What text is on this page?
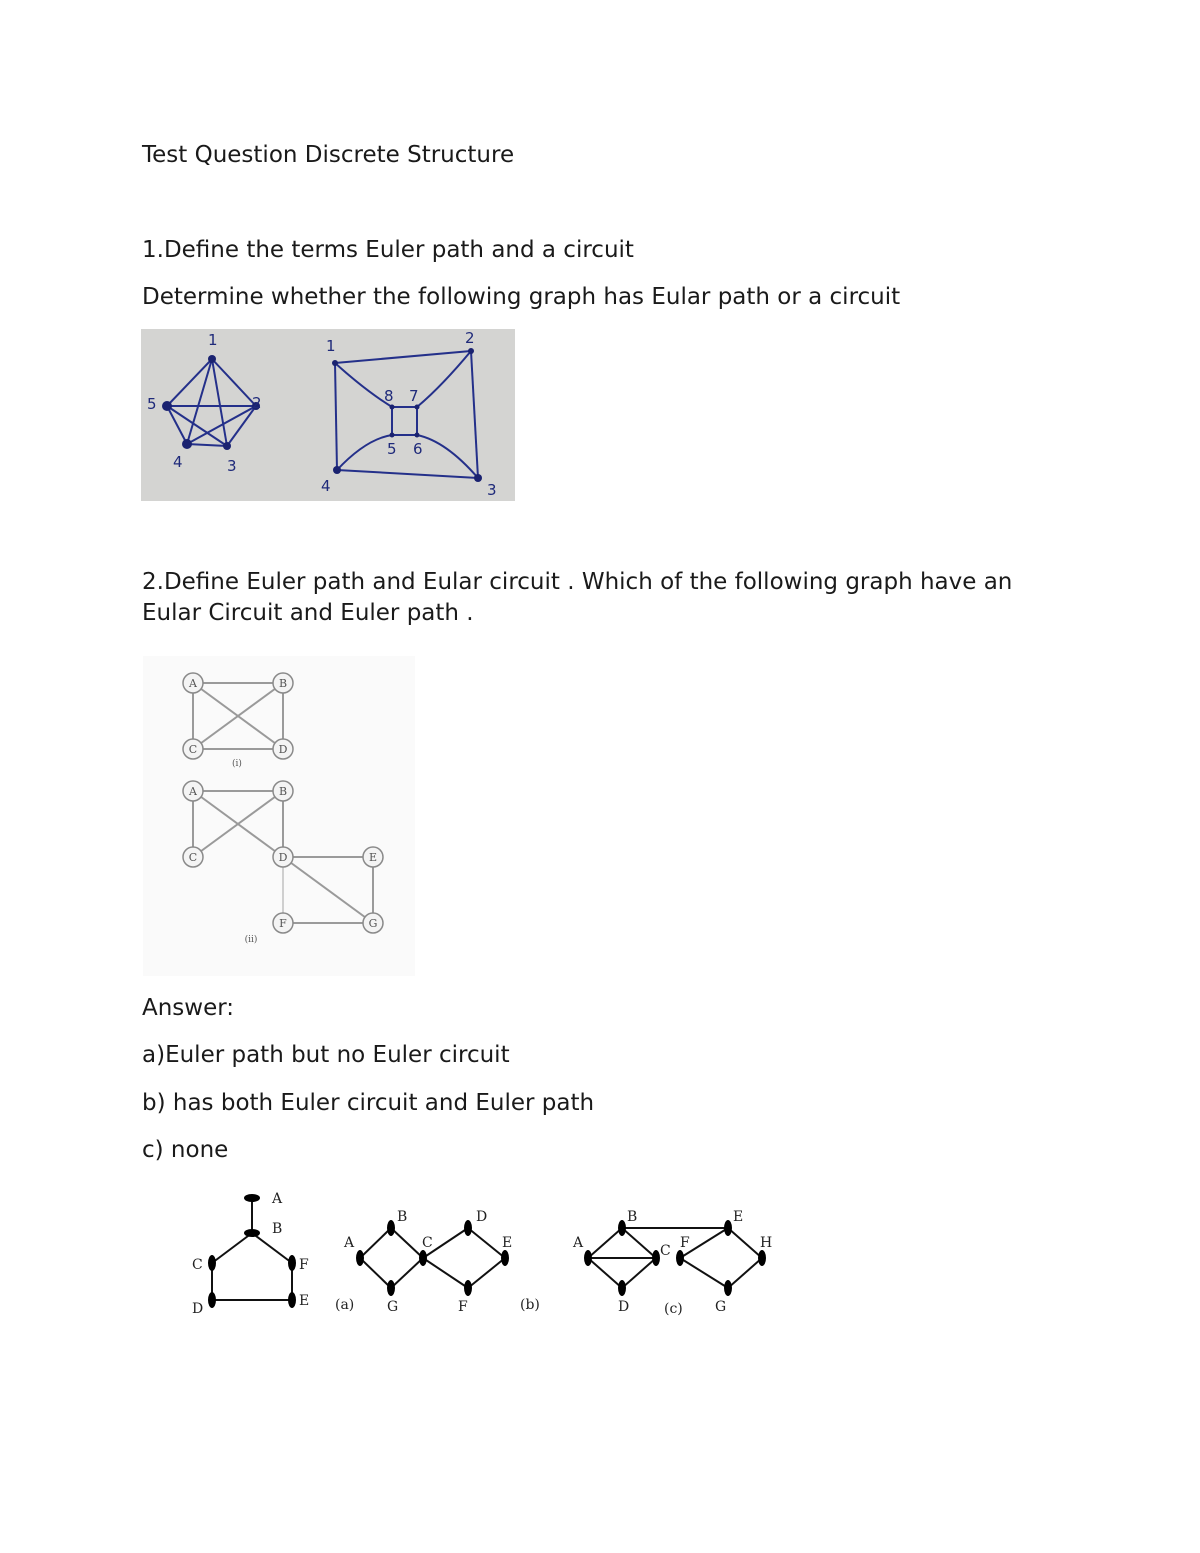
Test Question Discrete Structure
1.Define the terms Euler path and a circuit
Determine whether the following graph has Eular path or a circuit
1
2
3
4
5
1	2
3
4
5 6
7
8
2.Define Euler path and Eular circuit . Which of the following graph have an
Eular Circuit and Euler path .
A	B
C	D
(i)
A	B
C	D	E
F	G
(ii)
Answer:
a)Euler path but no Euler circuit
b) has both Euler circuit and Euler path
c) none
A
B
C	F
D	E (a)
A
B
C
D
E
G	F	(b)
A
B
C F
E
H
D	G
(c)
